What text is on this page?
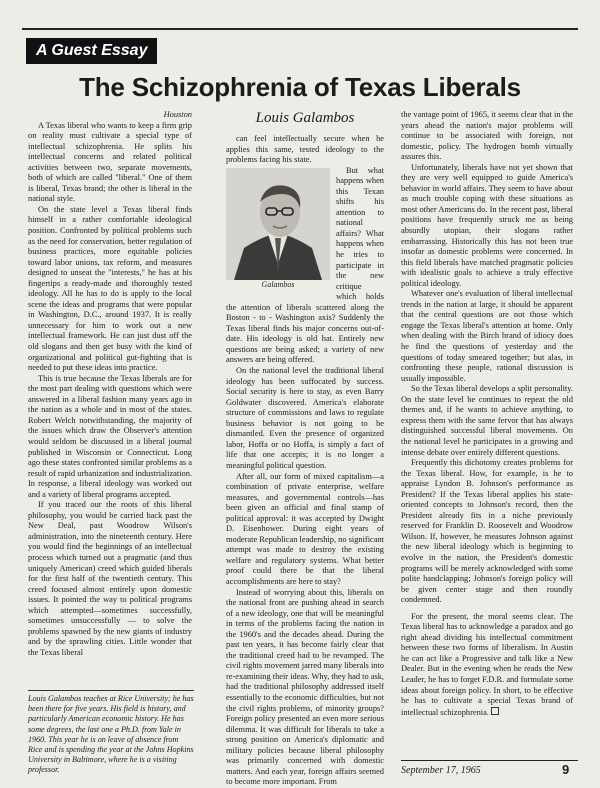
A Guest Essay
The Schizophrenia of Texas Liberals
Houston

A Texas liberal who wants to keep a firm grip on reality must cultivate a special type of intellectual schizophrenia. He splits his intellectual concerns and related political activities between two, separate movements, both of which are called "liberal." One of them is liberal, Texas brand; the other is liberal in the national style.

On the state level a Texas liberal finds himself in a rather comfortable ideological position. Confronted by political problems such as the need for conservation, better regulation of business practices, more equitable policies toward labor unions, tax reform, and measures designed to unseat the "interests," he has at his fingertips a ready-made and thoroughly tested ideology. All he has to do is apply to the local scene the ideas and programs that were popular in Washington, D.C., around 1937. It is really unnecessary for him to work out a new intellectual framework. He can just dust off the old slogans and then get busy with the kind of organizational and political gut-fighting that is needed to put these ideas into practice.

This is true because the Texas liberals are for the most part dealing with questions which were answered in a liberal fashion many years ago in the nation as a whole and in most of the states. Robert Welch notwithstanding, the majority of the issues which draw the Observer's attention would seldom be discussed in a liberal journal published in Wisconsin or Connecticut. Long ago these states confronted similar problems as a result of rapid urbanization and industrialization. In response, a liberal ideology was worked out and a variety of liberal programs accepted.

If you traced our the roots of this liberal philosophy, you would be carried back past the New Deal, past Woodrow Wilson's administration, into the nineteenth century. Here you would find the beginnings of an intellectual process which turned out a pragmatic (and thus uniquely American) creed which guided liberals for the first half of the twentieth century. This creed focused almost entirely upon domestic issues. It pointed the way to political programs which attempted—sometimes successfully, sometimes unsuccessfully — to solve the problems spawned by the new giants of industry and by the sprawling cities. Little wonder that the Texas liberal

Louis Galambos teaches at Rice University; he has been there for five years. His field is history, and particularly American economic history. He has some degrees, the last one a Ph.D. from Yale in 1960. This year he is on leave of absence from Rice and is spending the year at the Johns Hopkins University in Baltimore, where he is a visiting professor.
Louis Galambos

can feel intellectually secure when he applies this same, tested ideology to the problems facing his state.

Galambos

But what happens when this Texan shifts his attention to national affairs? What happens when he tries to participate in the new critique which holds the attention of liberals scattered along the Boston - to - Washington axis? Suddenly the Texas liberal finds his major concerns out-of-date. His ideology is old hat. Entirely new questions are being asked; a variety of new answers are being offered.

On the national level the traditional liberal ideology has been suffocated by success. Social security is here to stay, as even Barry Goldwater discovered. America's elaborate structure of commissions and laws to regulate business behavior is not going to be dismantled. Even the presence of organized labor, Hoffa or no Hoffa, is simply a fact of life that one accepts; it is no longer a meaningful political question.

After all, our form of mixed capitalism—a combination of private enterprise, welfare measures, and governmental controls—has been given an official and final stamp of political approval: it was accepted by Dwight D. Eisenhower. During eight years of moderate Republican leadership, no significant attempt was made to destroy the existing welfare and regulatory systems. What better proof could there be that the liberal accomplishments are here to stay?

Instead of worrying about this, liberals on the national front are pushing ahead in search of a new ideology, one that will be meaningful in terms of the problems facing the nation in the 1960's and the decades ahead. During the past ten years, it has become fairly clear that the traditional creed had to be revamped. The civil rights movement jarred many liberals into re-examining their ideas. Why, they had to ask, had the traditional philosophy addressed itself essentially to the economic difficulties, but not the civil rights problems, of minority groups? Foreign policy presented an even more serious dilemma. It was difficult for liberals to take a strong position on America's diplomatic and military policies because liberal philosophy was primarily concerned with domestic matters. And each year, foreign affairs seemed to become more important. From

the vantage point of 1965, it seems clear that in the years ahead the nation's major problems will continue to be associated with foreign, not domestic, policy. The hydrogen bomb virtually assures this.

Unfortunately, liberals have not yet shown that they are very well equipped to guide America's behavior in world affairs. They seem to have about as much trouble coping with these situations as most other Americans do. In the recent past, liberal positions have frequently struck me as being absurdly utopian, their slogans rather embarrassing. Historically this has not been true insofar as domestic problems were concerned. In this field liberals have matched pragmatic policies with idealistic goals to achieve a truly effective political ideology.

Whatever one's evaluation of liberal intellectual trends in the nation at large, it should be apparent that the central questions are not those which engage the Texas liberal's attention at home. Only when dealing with the Birch brand of idiocy does he find the questions of yesterday and the questions of today smeared together; but alas, in confronting these people, rational discussion is usually impossible.

So the Texas liberal develops a split personality. On the state level he continues to repeat the old themes and, if he wants to achieve anything, to express them with the same fervor that has always distinguished successful liberal movements. On the national level he participates in a growing and intense debate over entirely different questions.

Frequently this dichotomy creates problems for the Texas liberal. How, for example, is he to appraise Lyndon B. Johnson's performance as President? If the Texas liberal applies his state-oriented concepts to Johnson's record, then the President already fits in a niche previously reserved for Franklin D. Roosevelt and Woodrow Wilson. If, however, he measures Johnson against the new liberal ideology which is beginning to evolve in the nation, the President's domestic programs will be merely acknowledged with some polite handclapping; Johnson's foreign policy will be given center stage and then roundly condemned.

For the present, the moral seems clear. The Texas liberal has to acknowledge a paradox and go right ahead dividing his intellectual commitment between these two forms of liberalism. In Austin he can act like a Progressive and talk like a New Dealer. But in the evening when he reads the New Leader, he has to forget F.D.R. and formulate some ideas about foreign policy. In short, to be effective he has to cultivate a special Texas brand of intellectual schizophrenia.

September 17, 1965	9
